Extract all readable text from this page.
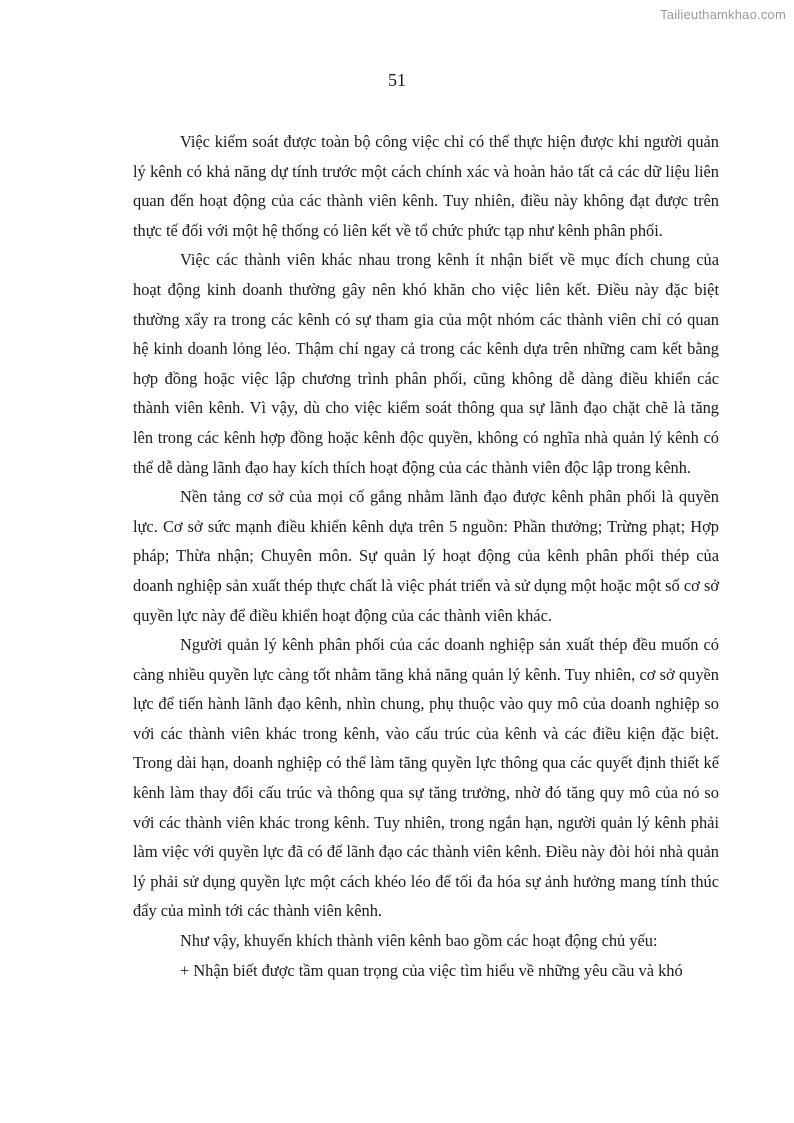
Tailieuthamkhao.com
51

Việc kiểm soát được toàn bộ công việc chỉ có thể thực hiện được khi người quản lý kênh có khả năng dự tính trước một cách chính xác và hoàn hảo tất cả các dữ liệu liên quan đến hoạt động của các thành viên kênh. Tuy nhiên, điều này không đạt được trên thực tế đối với một hệ thống có liên kết về tổ chức phức tạp như kênh phân phối.

Việc các thành viên khác nhau trong kênh ít nhận biết về mục đích chung của hoạt động kinh doanh thường gây nên khó khăn cho việc liên kết. Điều này đặc biệt thường xẩy ra trong các kênh có sự tham gia của một nhóm các thành viên chỉ có quan hệ kinh doanh lỏng lẻo. Thậm chí ngay cả trong các kênh dựa trên những cam kết bằng hợp đồng hoặc việc lập chương trình phân phối, cũng không dễ dàng điều khiển các thành viên kênh. Vì vậy, dù cho việc kiểm soát thông qua sự lãnh đạo chặt chẽ là tăng lên trong các kênh hợp đồng hoặc kênh độc quyền, không có nghĩa nhà quản lý kênh có thể dễ dàng lãnh đạo hay kích thích hoạt động của các thành viên độc lập trong kênh.

Nền tảng cơ sở của mọi cố gắng nhằm lãnh đạo được kênh phân phối là quyền lực. Cơ sở sức mạnh điều khiển kênh dựa trên 5 nguồn: Phần thưởng; Trừng phạt; Hợp pháp; Thừa nhận; Chuyên môn. Sự quản lý hoạt động của kênh phân phối thép của doanh nghiệp sản xuất thép thực chất là việc phát triển và sử dụng một hoặc một số cơ sở quyền lực này để điều khiển hoạt động của các thành viên khác.

Người quản lý kênh phân phối của các doanh nghiệp sản xuất thép đều muốn có càng nhiều quyền lực càng tốt nhằm tăng khả năng quản lý kênh. Tuy nhiên, cơ sở quyền lực để tiến hành lãnh đạo kênh, nhìn chung, phụ thuộc vào quy mô của doanh nghiệp so với các thành viên khác trong kênh, vào cấu trúc của kênh và các điều kiện đặc biệt. Trong dài hạn, doanh nghiệp có thể làm tăng quyền lực thông qua các quyết định thiết kế kênh làm thay đổi cấu trúc và thông qua sự tăng trưởng, nhờ đó tăng quy mô của nó so với các thành viên khác trong kênh. Tuy nhiên, trong ngắn hạn, người quản lý kênh phải làm việc với quyền lực đã có để lãnh đạo các thành viên kênh. Điều này đòi hỏi nhà quản lý phải sử dụng quyền lực một cách khéo léo để tối đa hóa sự ảnh hưởng mang tính thúc đẩy của mình tới các thành viên kênh.

Như vậy, khuyến khích thành viên kênh bao gồm các hoạt động chủ yếu:

+ Nhận biết được tầm quan trọng của việc tìm hiểu về những yêu cầu và khó
